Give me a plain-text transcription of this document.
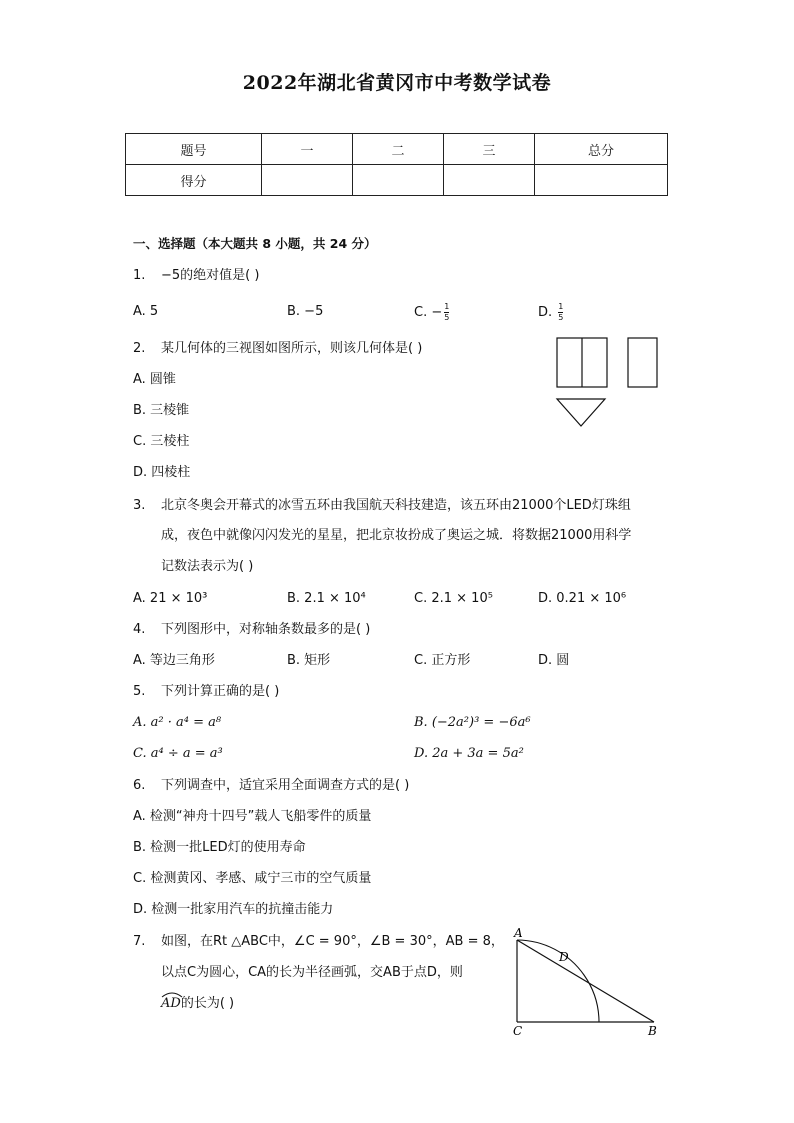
2022年湖北省黄冈市中考数学试卷
题号	一	二	三	总分
得分				
一、选择题（本大题共 8 小题，共 24 分）
1. −5的绝对值是( )
A. 5	B. −5	C. − $\frac{1}{5}$	D. $\frac{1}{5}$
2. 某几何体的三视图如图所示，则该几何体是( )
A. 圆锥
B. 三棱锥
C. 三棱柱
D. 四棱柱
3. 北京冬奥会开幕式的冰雪五环由我国航天科技建造，该五环由21000个LED灯珠组
成，夜色中就像闪闪发光的星星，把北京妆扮成了奥运之城．将数据21000用科学
记数法表示为( )
A. 21 × 10³	B. 2.1 × 10⁴	C. 2.1 × 10⁵	D. 0.21 × 10⁶
4. 下列图形中，对称轴条数最多的是( )
A. 等边三角形	B. 矩形	C. 正方形	D. 圆
5. 下列计算正确的是( )
A. a² · a⁴ = a⁸	B. (−2a²)³ = −6a⁶
C. a⁴ ÷ a = a³	D. 2a + 3a = 5a²
6. 下列调查中，适宜采用全面调查方式的是( )
A. 检测“神舟十四号”载人飞船零件的质量
B. 检测一批LED灯的使用寿命
C. 检测黄冈、孝感、咸宁三市的空气质量
D. 检测一批家用汽车的抗撞击能力
7. 如图，在Rt △ABC中，∠C = 90°，∠B = 30°，AB = 8，
以点C为圆心，CA的长为半径画弧，交AB于点D，则
AD的长为( )
A
D
C	B
